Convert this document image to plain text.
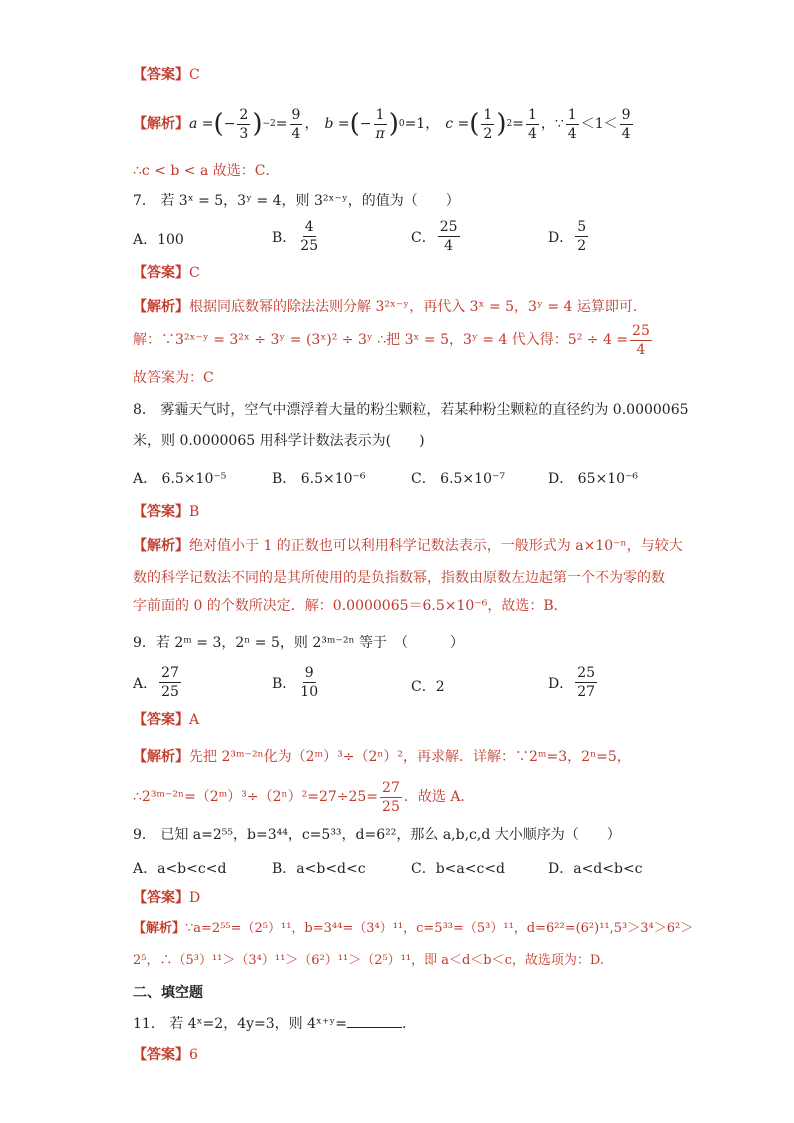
【答案】C
【解析】 a = ( − $\frac{2}{3}$ ) $-2 = \frac{9}{4}$ ， b = ( − $\frac{1}{\pi}$ ) 0 =1， c = ( $\frac{1}{2}$ ) $2 = \frac{1}{4}$ ， ∵ $\frac{1}{4} <1< \frac{9}{4}$
∴c < b < a 故选：C．
7． 若 3ˣ = 5，3ʸ = 4，则 3²ˣ⁻ʸ，的值为（　　）
A．100	B． $\frac{4}{25}$	C． $\frac{25}{4}$	D． $\frac{5}{2}$
【答案】C
【解析】根据同底数幂的除法法则分解 3²ˣ⁻ʸ，再代入 3ˣ = 5，3ʸ = 4 运算即可．
解：∵3²ˣ⁻ʸ = 3²ˣ ÷ 3ʸ = (3ˣ)² ÷ 3ʸ ∴把 3ˣ = 5，3ʸ = 4 代入得：$5^2 \div 4 = \frac{25}{4}$
故答案为：C
8． 雾霾天气时，空气中漂浮着大量的粉尘颗粒，若某种粉尘颗粒的直径约为 0.0000065
米，则 0.0000065 用科学计数法表示为(　　)
A． 6.5×10⁻⁵	B． 6.5×10⁻⁶	C． 6.5×10⁻⁷	D． 65×10⁻⁶
【答案】B
【解析】绝对值小于 1 的正数也可以利用科学记数法表示，一般形式为 a×10⁻ⁿ，与较大
数的科学记数法不同的是其所使用的是负指数幂，指数由原数左边起第一个不为零的数
字前面的 0 的个数所决定．解：0.0000065＝6.5×10⁻⁶，故选：B．
9．若 2ᵐ = 3，2ⁿ = 5，则 2³ᵐ⁻²ⁿ 等于　（　　　）
A． $\frac{27}{25}$	B． $\frac{9}{10}$	C．2	D． $\frac{25}{27}$
【答案】A
【解析】先把 2³ᵐ⁻²ⁿ化为（2ᵐ）³÷（2ⁿ）²，再求解．详解：∵2ᵐ=3，2ⁿ=5，
∴2³ᵐ⁻²ⁿ=（2ᵐ）³÷（2ⁿ）²=27÷25= $\frac{27}{25}$ ．故选 A．
9． 已知 a=2⁵⁵，b=3⁴⁴，c=5³³，d=6²²，那么 a,b,c,d 大小顺序为（　　）
A．a<b<c<d	B．a<b<d<c	C．b<a<c<d	D．a<d<b<c
【答案】D
【解析】∵a=2⁵⁵=（2⁵）¹¹，b=3⁴⁴=（3⁴）¹¹，c=5³³=（5³）¹¹，d=6²²=(6²)¹¹,5³＞3⁴＞6²＞
2⁵，∴（5³）¹¹＞（3⁴）¹¹＞（6²）¹¹＞（2⁵）¹¹，即 a＜d＜b＜c，故选项为：D.
二、填空题
11． 若 4ˣ=2，4y=3，则 4ˣ⁺ʸ=	.
【答案】6
